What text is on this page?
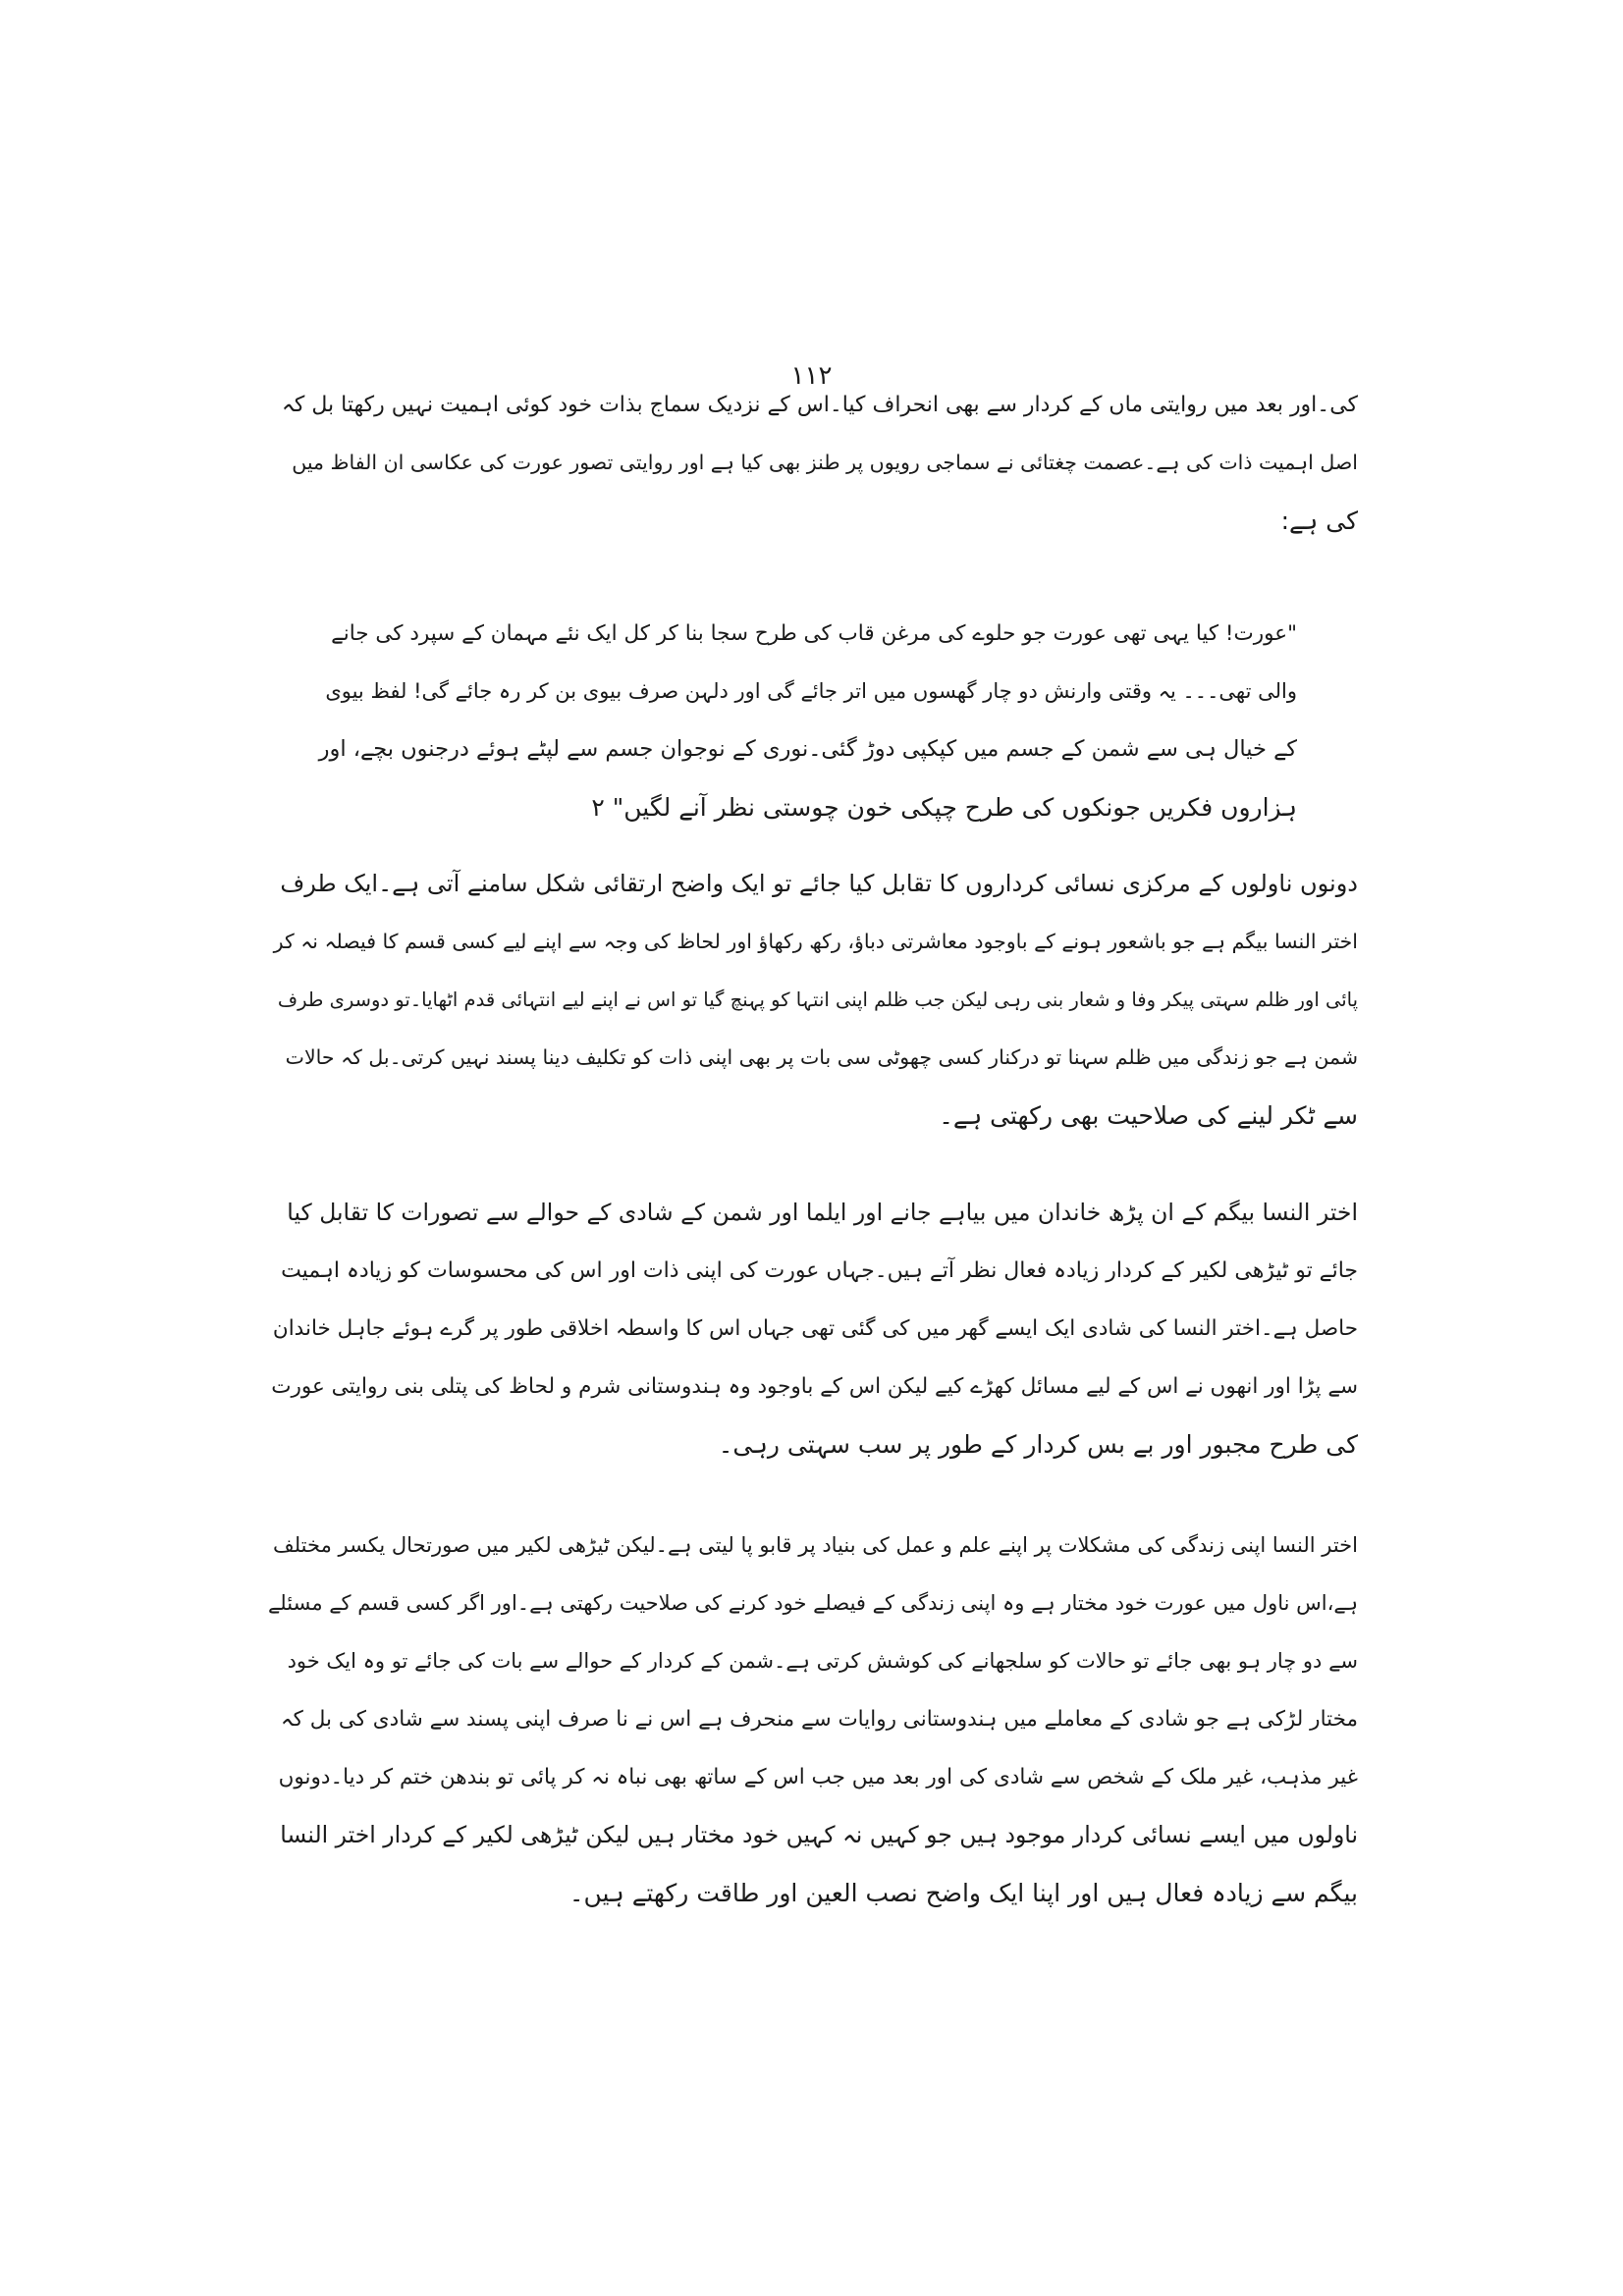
۱۱۲

کی۔اور بعد میں روایتی ماں کے کردار سے بھی انحراف کیا۔اس کے نزدیک سماج بذات خود کوئی اہمیت نہیں رکھتا بل کہ
اصل اہمیت ذات کی ہے۔عصمت چغتائی نے سماجی رویوں پر طنز بھی کیا ہے اور روایتی تصور عورت کی عکاسی ان الفاظ میں
کی ہے:
"عورت! کیا یہی تھی عورت جو حلوے کی مرغن قاب کی طرح سجا بنا کر کل ایک نئے مہمان کے سپرد کی جانے
والی تھی۔۔۔ یہ وقتی وارنش دو چار گھسوں میں اتر جائے گی اور دلہن صرف بیوی بن کر رہ جائے گی! لفظ بیوی
کے خیال ہی سے شمن کے جسم میں کپکپی دوڑ گئی۔نوری کے نوجوان جسم سے لپٹے ہوئے درجنوں بچے، اور
ہزاروں فکریں جونکوں کی طرح چپکی خون چوستی نظر آنے لگیں" ۲
دونوں ناولوں کے مرکزی نسائی کرداروں کا تقابل کیا جائے تو ایک واضح ارتقائی شکل سامنے آتی ہے۔ایک طرف
اختر النسا بیگم ہے جو باشعور ہونے کے باوجود معاشرتی دباؤ، رکھ رکھاؤ اور لحاظ کی وجہ سے اپنے لیے کسی قسم کا فیصلہ نہ کر
پائی اور ظلم سہتی پیکر وفا و شعار بنی رہی لیکن جب ظلم اپنی انتہا کو پہنچ گیا تو اس نے اپنے لیے انتہائی قدم اٹھایا۔تو دوسری طرف
شمن ہے جو زندگی میں ظلم سہنا تو درکنار کسی چھوٹی سی بات پر بھی اپنی ذات کو تکلیف دینا پسند نہیں کرتی۔بل کہ حالات
سے ٹکر لینے کی صلاحیت بھی رکھتی ہے۔
اختر النسا بیگم کے ان پڑھ خاندان میں بیاہے جانے اور ایلما اور شمن کے شادی کے حوالے سے تصورات کا تقابل کیا
جائے تو ٹیڑھی لکیر کے کردار زیادہ فعال نظر آتے ہیں۔جہاں عورت کی اپنی ذات اور اس کی محسوسات کو زیادہ اہمیت
حاصل ہے۔اختر النسا کی شادی ایک ایسے گھر میں کی گئی تھی جہاں اس کا واسطہ اخلاقی طور پر گرے ہوئے جاہل خاندان
سے پڑا اور انھوں نے اس کے لیے مسائل کھڑے کیے لیکن اس کے باوجود وہ ہندوستانی شرم و لحاظ کی پتلی بنی روایتی عورت
کی طرح مجبور اور بے بس کردار کے طور پر سب سہتی رہی۔
اختر النسا اپنی زندگی کی مشکلات پر اپنے علم و عمل کی بنیاد پر قابو پا لیتی ہے۔لیکن ٹیڑھی لکیر میں صورتحال یکسر مختلف
ہے،اس ناول میں عورت خود مختار ہے وہ اپنی زندگی کے فیصلے خود کرنے کی صلاحیت رکھتی ہے۔اور اگر کسی قسم کے مسئلے
سے دو چار ہو بھی جائے تو حالات کو سلجھانے کی کوشش کرتی ہے۔شمن کے کردار کے حوالے سے بات کی جائے تو وہ ایک خود
مختار لڑکی ہے جو شادی کے معاملے میں ہندوستانی روایات سے منحرف ہے اس نے نا صرف اپنی پسند سے شادی کی بل کہ
غیر مذہب، غیر ملک کے شخص سے شادی کی اور بعد میں جب اس کے ساتھ بھی نباہ نہ کر پائی تو بندھن ختم کر دیا۔دونوں
ناولوں میں ایسے نسائی کردار موجود ہیں جو کہیں نہ کہیں خود مختار ہیں لیکن ٹیڑھی لکیر کے کردار اختر النسا
بیگم سے زیادہ فعال ہیں اور اپنا ایک واضح نصب العین اور طاقت رکھتے ہیں۔
